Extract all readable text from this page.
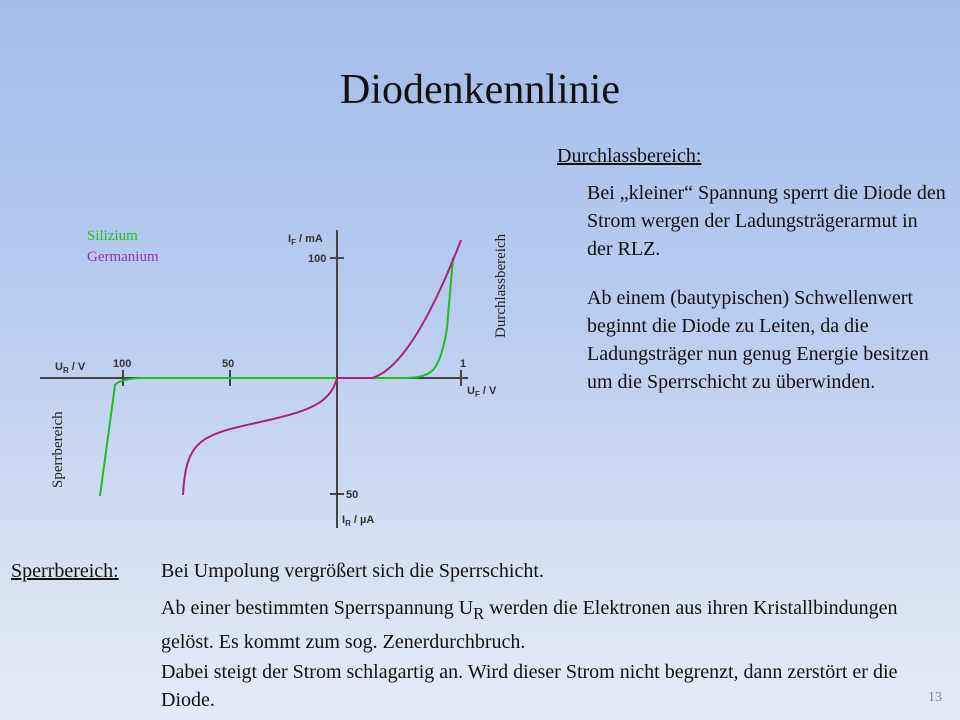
Diodenkennlinie
Silizium
Germanium	100
50
1
100	50
$I_F$ / mA
$I_R$ / µA
$U_F$ / V
$U_R$ / V
Durchlassbereich
Sperrbereich
Durchlassbereich:
Bei „kleiner“ Spannung sperrt die Diode den Strom wergen der Ladungsträgerarmut in der RLZ.
Ab einem (bautypischen) Schwellenwert beginnt die Diode zu Leiten, da die Ladungsträger nun genug Energie besitzen um die Sperrschicht zu überwinden.
Sperrbereich: Bei Umpolung vergrößert sich die Sperrschicht.
Ab einer bestimmten Sperrspannung $U_R$ werden die Elektronen aus ihren Kristallbindungen gelöst. Es kommt zum sog. Zenerdurchbruch.
Dabei steigt der Strom schlagartig an. Wird dieser Strom nicht begrenzt, dann zerstört er die Diode.	13
